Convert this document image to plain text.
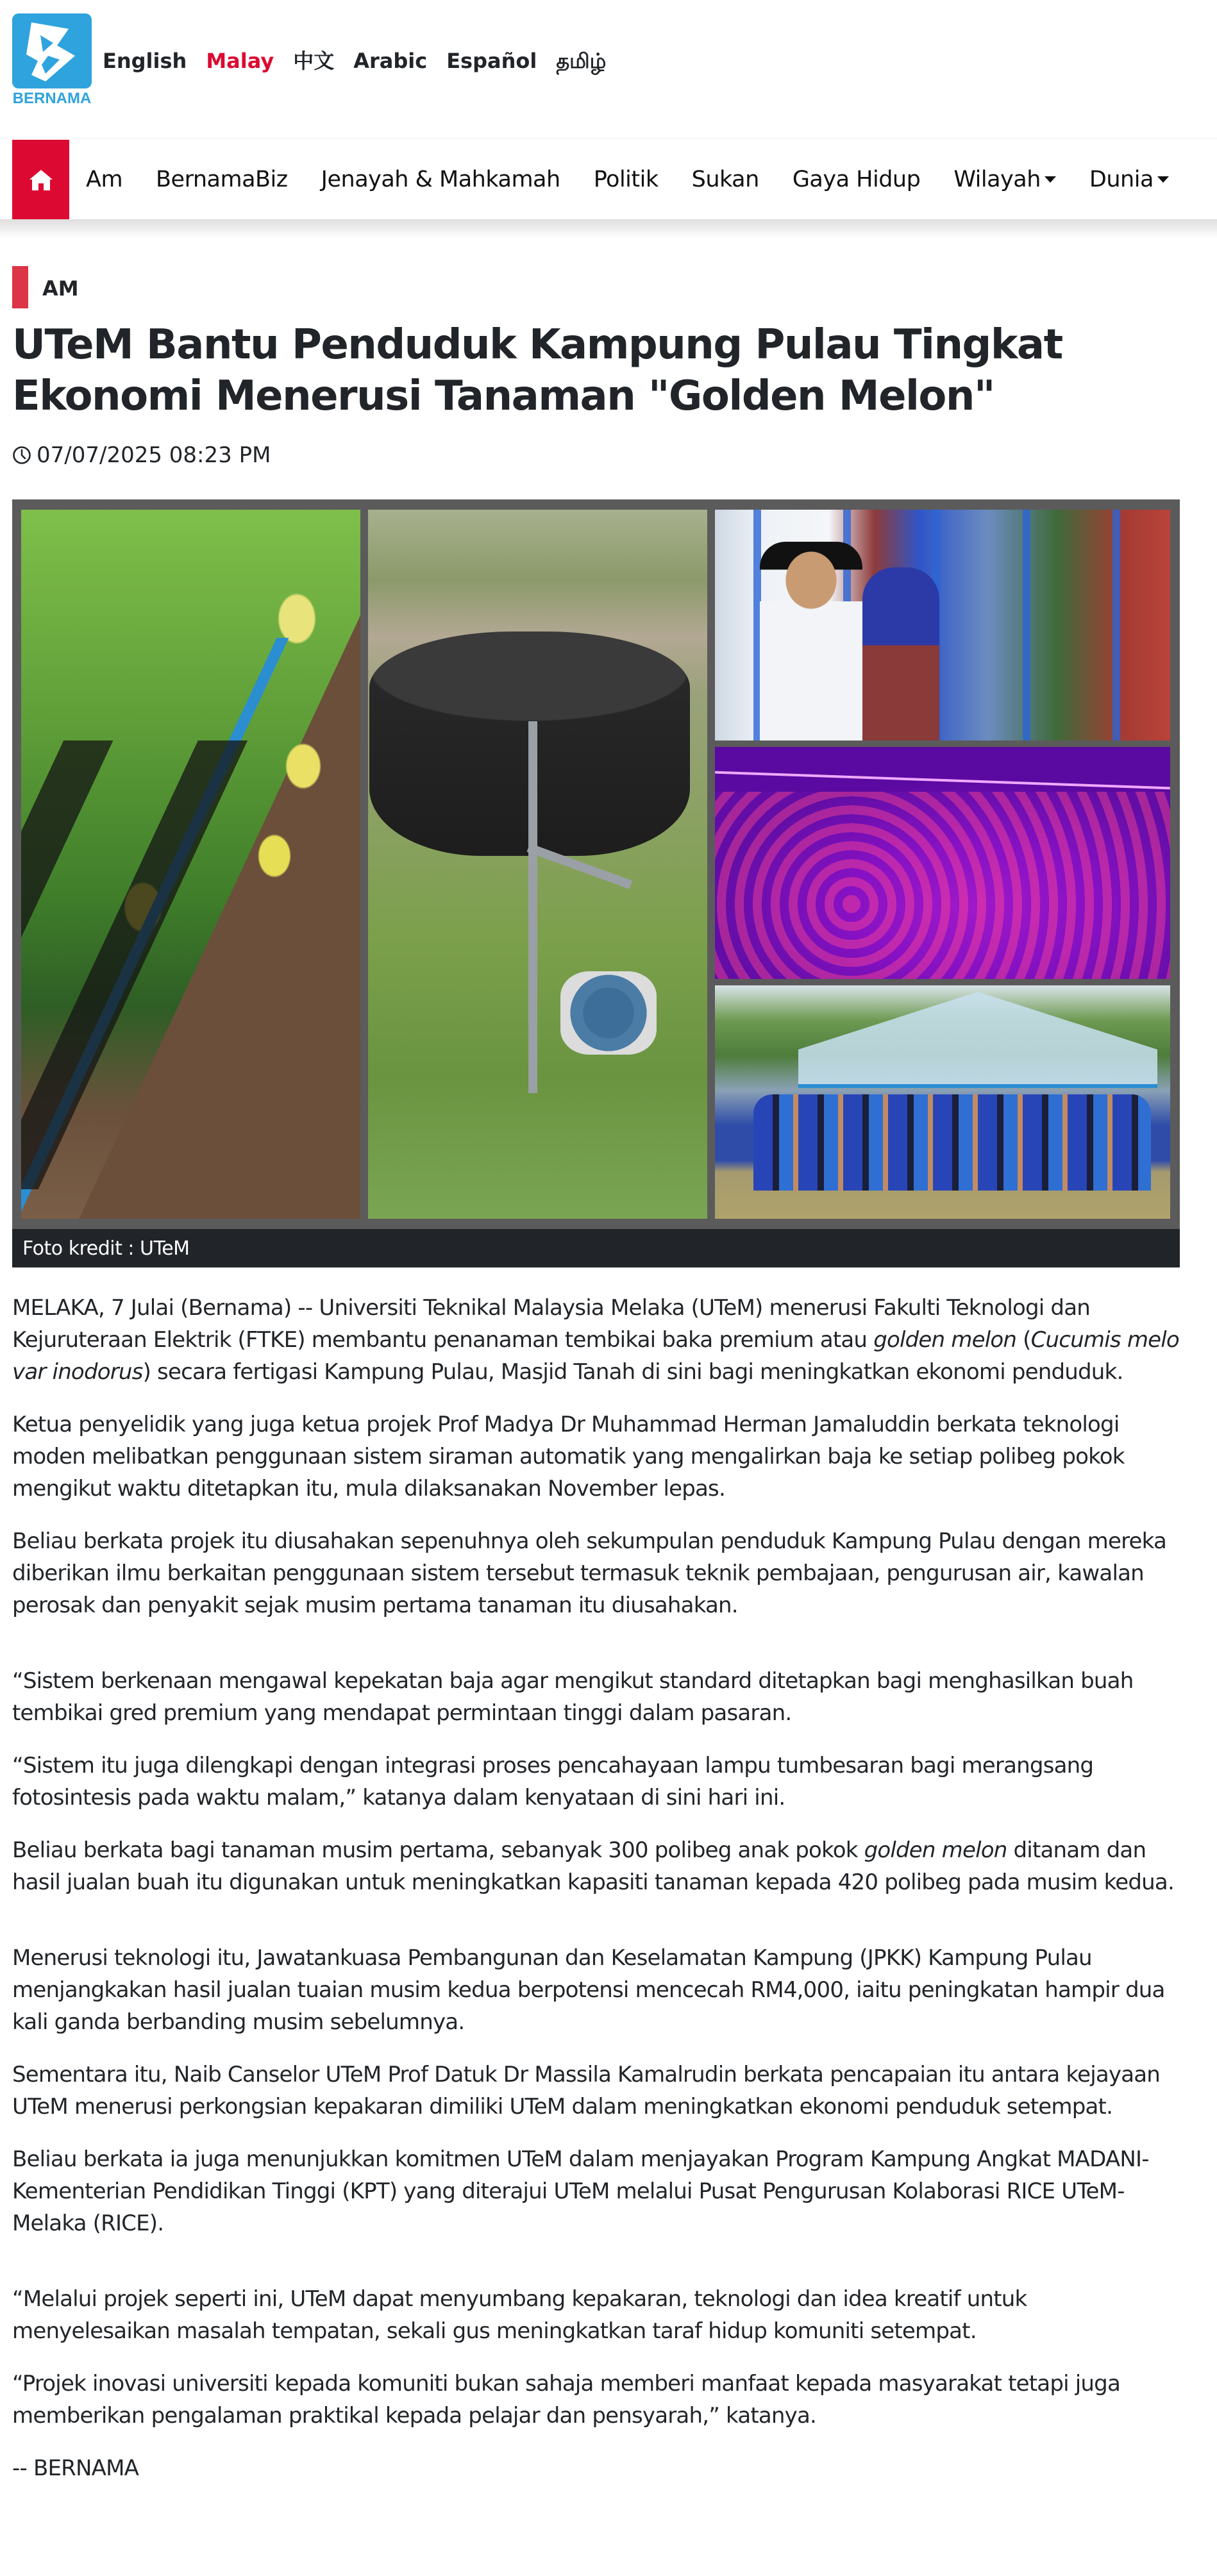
BERNAMA
English Malay 中文 Arabic Español தமிழ்
Am BernamaBiz Jenayah & Mahkamah Politik Sukan Gaya Hidup Wilayah Dunia
AM
UTeM Bantu Penduduk Kampung Pulau Tingkat Ekonomi Menerusi Tanaman "Golden Melon"
07/07/2025 08:23 PM
Foto kredit : UTeM

MELAKA, 7 Julai (Bernama) -- Universiti Teknikal Malaysia Melaka (UTeM) menerusi Fakulti Teknologi dan Kejuruteraan Elektrik (FTKE) membantu penanaman tembikai baka premium atau golden melon (Cucumis melo var inodorus) secara fertigasi Kampung Pulau, Masjid Tanah di sini bagi meningkatkan ekonomi penduduk.

Ketua penyelidik yang juga ketua projek Prof Madya Dr Muhammad Herman Jamaluddin berkata teknologi moden melibatkan penggunaan sistem siraman automatik yang mengalirkan baja ke setiap polibeg pokok mengikut waktu ditetapkan itu, mula dilaksanakan November lepas.

Beliau berkata projek itu diusahakan sepenuhnya oleh sekumpulan penduduk Kampung Pulau dengan mereka diberikan ilmu berkaitan penggunaan sistem tersebut termasuk teknik pembajaan, pengurusan air, kawalan perosak dan penyakit sejak musim pertama tanaman itu diusahakan.

“Sistem berkenaan mengawal kepekatan baja agar mengikut standard ditetapkan bagi menghasilkan buah tembikai gred premium yang mendapat permintaan tinggi dalam pasaran.

“Sistem itu juga dilengkapi dengan integrasi proses pencahayaan lampu tumbesaran bagi merangsang fotosintesis pada waktu malam,” katanya dalam kenyataan di sini hari ini.

Beliau berkata bagi tanaman musim pertama, sebanyak 300 polibeg anak pokok golden melon ditanam dan hasil jualan buah itu digunakan untuk meningkatkan kapasiti tanaman kepada 420 polibeg pada musim kedua.

Menerusi teknologi itu, Jawatankuasa Pembangunan dan Keselamatan Kampung (JPKK) Kampung Pulau menjangkakan hasil jualan tuaian musim kedua berpotensi mencecah RM4,000, iaitu peningkatan hampir dua kali ganda berbanding musim sebelumnya.

Sementara itu, Naib Canselor UTeM Prof Datuk Dr Massila Kamalrudin berkata pencapaian itu antara kejayaan UTeM menerusi perkongsian kepakaran dimiliki UTeM dalam meningkatkan ekonomi penduduk setempat.

Beliau berkata ia juga menunjukkan komitmen UTeM dalam menjayakan Program Kampung Angkat MADANI-Kementerian Pendidikan Tinggi (KPT) yang diterajui UTeM melalui Pusat Pengurusan Kolaborasi RICE UTeM-Melaka (RICE).

“Melalui projek seperti ini, UTeM dapat menyumbang kepakaran, teknologi dan idea kreatif untuk menyelesaikan masalah tempatan, sekali gus meningkatkan taraf hidup komuniti setempat.

“Projek inovasi universiti kepada komuniti bukan sahaja memberi manfaat kepada masyarakat tetapi juga memberikan pengalaman praktikal kepada pelajar dan pensyarah,” katanya.

-- BERNAMA
